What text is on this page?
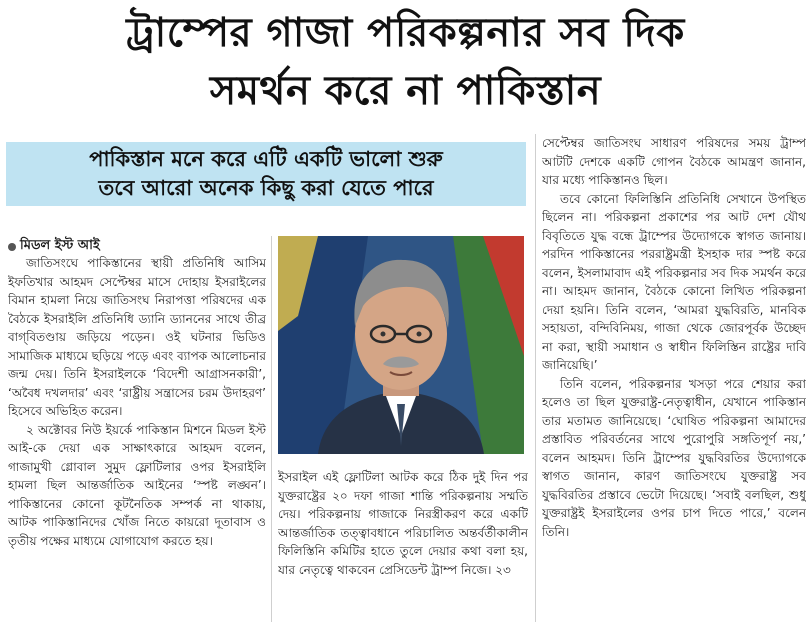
ট্রাম্পের গাজা পরিকল্পনার সব দিক
সমর্থন করে না পাকিস্তান
পাকিস্তান মনে করে এটি একটি ভালো শুরু
তবে আরো অনেক কিছু করা যেতে পারে
মিডল ইস্ট আই

জাতিসংঘে পাকিস্তানের স্থায়ী প্রতিনিধি আসিম ইফতিখার আহমদ সেপ্টেম্বর মাসে দোহায় ইসরাইলের বিমান হামলা নিয়ে জাতিসংঘ নিরাপত্তা পরিষদের এক বৈঠকে ইসরাইলি প্রতিনিধি ড্যানি ড্যাননের সাথে তীব্র বাগ্‌বিতণ্ডায় জড়িয়ে পড়েন। ওই ঘটনার ভিডিও সামাজিক মাধ্যমে ছড়িয়ে পড়ে এবং ব্যাপক আলোচনার জন্ম দেয়। তিনি ইসরাইলকে ‘বিদেশী আগ্রাসনকারী’, ‘অবৈধ দখলদার’ এবং ‘রাষ্ট্রীয় সন্ত্রাসের চরম উদাহরণ’ হিসেবে অভিহিত করেন।

২ অক্টোবর নিউ ইয়র্কে পাকিস্তান মিশনে মিডল ইস্ট আই-কে দেয়া এক সাক্ষাৎকারে আহমদ বলেন, গাজামুখী গ্লোবাল সুমুদ ফ্লোটিলার ওপর ইসরাইলি হামলা ছিল আন্তর্জাতিক আইনের ‘স্পষ্ট লঙ্ঘন’। পাকিস্তানের কোনো কূটনৈতিক সম্পর্ক না থাকায়, আটক পাকিস্তানিদের খোঁজ নিতে কায়রো দূতাবাস ও তৃতীয় পক্ষের মাধ্যমে যোগাযোগ করতে হয়।

ইসরাইল এই ফ্লোটিলা আটক করে ঠিক দুই দিন পর যুক্তরাষ্ট্রের ২০ দফা গাজা শান্তি পরিকল্পনায় সম্মতি দেয়। পরিকল্পনায় গাজাকে নিরস্ত্রীকরণ করে একটি আন্তর্জাতিক তত্ত্বাবধানে পরিচালিত অন্তর্বর্তীকালীন ফিলিস্তিনি কমিটির হাতে তুলে দেয়ার কথা বলা হয়, যার নেতৃত্বে থাকবেন প্রেসিডেন্ট ট্রাম্প নিজে। ২৩

সেপ্টেম্বর জাতিসংঘ সাধারণ পরিষদের সময় ট্রাম্প আটটি দেশকে একটি গোপন বৈঠকে আমন্ত্রণ জানান, যার মধ্যে পাকিস্তানও ছিল।

তবে কোনো ফিলিস্তিনি প্রতিনিধি সেখানে উপস্থিত ছিলেন না। পরিকল্পনা প্রকাশের পর আট দেশ যৌথ বিবৃতিতে যুদ্ধ বন্ধে ট্রাম্পের উদ্যোগকে স্বাগত জানায়। পরদিন পাকিস্তানের পররাষ্ট্রমন্ত্রী ইসহাক দার স্পষ্ট করে বলেন, ইসলামাবাদ এই পরিকল্পনার সব দিক সমর্থন করে না। আহমদ জানান, বৈঠকে কোনো লিখিত পরিকল্পনা দেয়া হয়নি। তিনি বলেন, ‘আমরা যুদ্ধবিরতি, মানবিক সহায়তা, বন্দিবিনিময়, গাজা থেকে জোরপূর্বক উচ্ছেদ না করা, স্থায়ী সমাধান ও স্বাধীন ফিলিস্তিন রাষ্ট্রের দাবি জানিয়েছি।’

তিনি বলেন, পরিকল্পনার খসড়া পরে শেয়ার করা হলেও তা ছিল যুক্তরাষ্ট্র-নেতৃত্বাধীন, যেখানে পাকিস্তান তার মতামত জানিয়েছে। ‘ঘোষিত পরিকল্পনা আমাদের প্রস্তাবিত পরিবর্তনের সাথে পুরোপুরি সঙ্গতিপূর্ণ নয়,’ বলেন আহমদ। তিনি ট্রাম্পের যুদ্ধবিরতির উদ্যোগকে স্বাগত জানান, কারণ জাতিসংঘে যুক্তরাষ্ট্র সব যুদ্ধবিরতির প্রস্তাবে ভেটো দিয়েছে। ‘সবাই বলছিল, শুধু যুক্তরাষ্ট্রই ইসরাইলের ওপর চাপ দিতে পারে,’ বলেন তিনি।
